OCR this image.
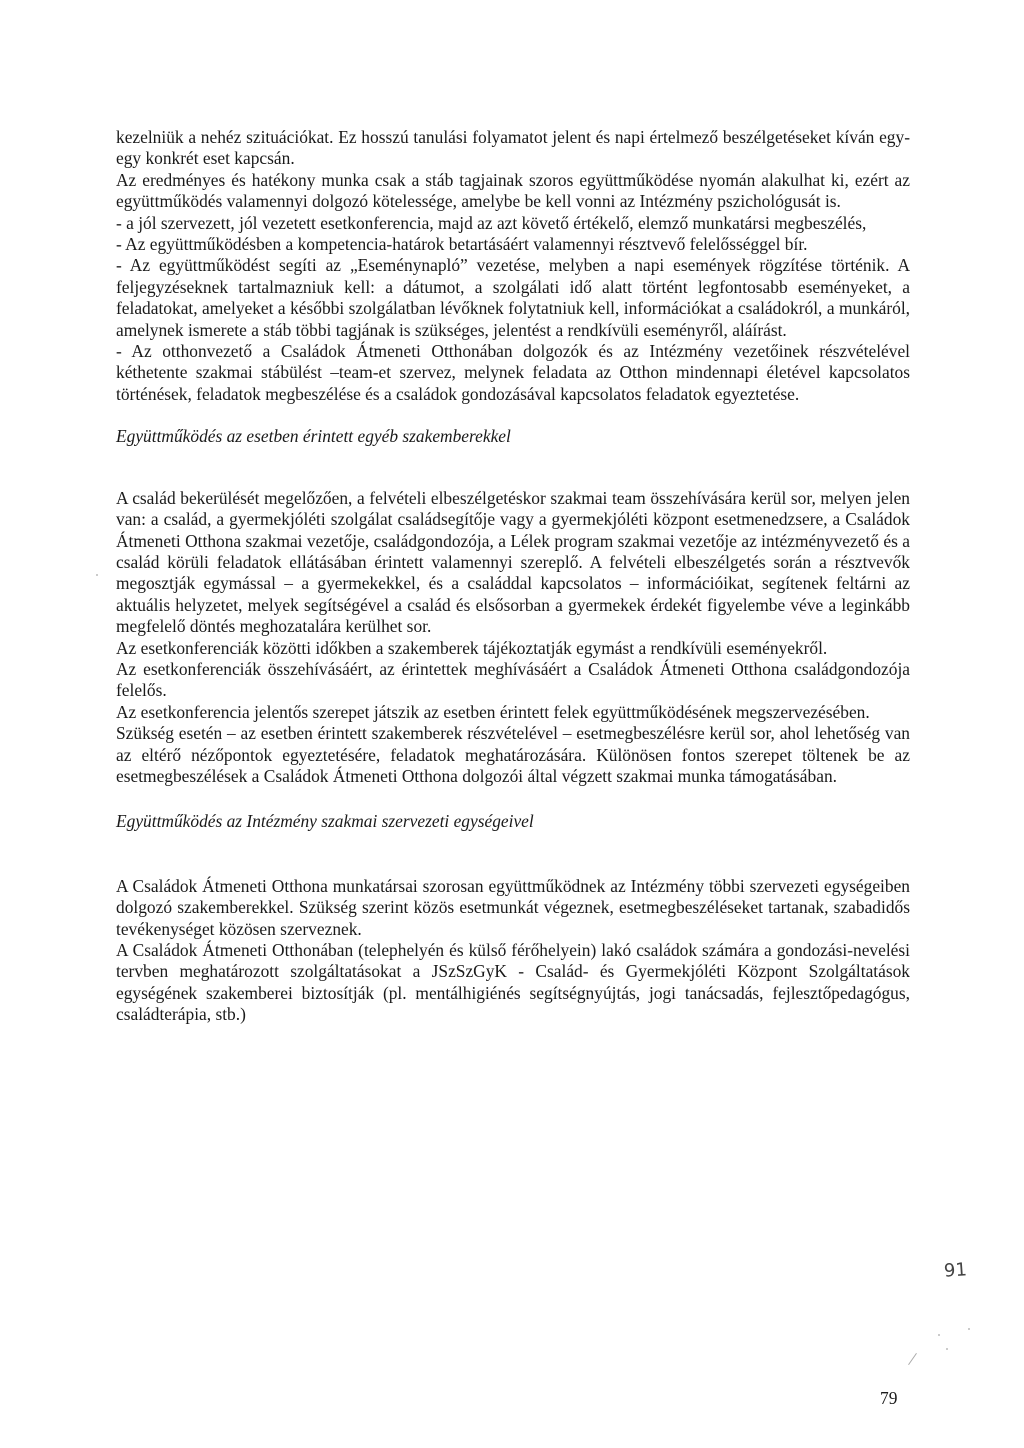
kezelniük a nehéz szituációkat. Ez hosszú tanulási folyamatot jelent és napi értelmező beszélgetéseket kíván egy-egy konkrét eset kapcsán.

Az eredményes és hatékony munka csak a stáb tagjainak szoros együttműködése nyomán alakulhat ki, ezért az együttműködés valamennyi dolgozó kötelessége, amelybe be kell vonni az Intézmény pszichológusát is.

- a jól szervezett, jól vezetett esetkonferencia, majd az azt követő értékelő, elemző munkatársi megbeszélés,

- Az együttműködésben a kompetencia-határok betartásáért valamennyi résztvevő felelősséggel bír.

- Az együttműködést segíti az „Eseménynapló” vezetése, melyben a napi események rögzítése történik. A feljegyzéseknek tartalmazniuk kell: a dátumot, a szolgálati idő alatt történt legfontosabb eseményeket, a feladatokat, amelyeket a későbbi szolgálatban lévőknek folytatniuk kell, információkat a családokról, a munkáról, amelynek ismerete a stáb többi tagjának is szükséges, jelentést a rendkívüli eseményről, aláírást.

- Az otthonvezető a Családok Átmeneti Otthonában dolgozók és az Intézmény vezetőinek részvételével kéthetente szakmai stábülést –team-et szervez, melynek feladata az Otthon mindennapi életével kapcsolatos történések, feladatok megbeszélése és a családok gondozásával kapcsolatos feladatok egyeztetése.

Együttműködés az esetben érintett egyéb szakemberekkel

A család bekerülését megelőzően, a felvételi elbeszélgetéskor szakmai team összehívására kerül sor, melyen jelen van: a család, a gyermekjóléti szolgálat családsegítője vagy a gyermekjóléti központ esetmenedzsere, a Családok Átmeneti Otthona szakmai vezetője, családgondozója, a Lélek program szakmai vezetője az intézményvezető és a család körüli feladatok ellátásában érintett valamennyi szereplő. A felvételi elbeszélgetés során a résztvevők megosztják egymással – a gyermekekkel, és a családdal kapcsolatos – információikat, segítenek feltárni az aktuális helyzetet, melyek segítségével a család és elsősorban a gyermekek érdekét figyelembe véve a leginkább megfelelő döntés meghozatalára kerülhet sor.

Az esetkonferenciák közötti időkben a szakemberek tájékoztatják egymást a rendkívüli eseményekről.

Az esetkonferenciák összehívásáért, az érintettek meghívásáért a Családok Átmeneti Otthona családgondozója felelős.

Az esetkonferencia jelentős szerepet játszik az esetben érintett felek együttműködésének megszervezésében.

Szükség esetén – az esetben érintett szakemberek részvételével – esetmegbeszélésre kerül sor, ahol lehetőség van az eltérő nézőpontok egyeztetésére, feladatok meghatározására. Különösen fontos szerepet töltenek be az esetmegbeszélések a Családok Átmeneti Otthona dolgozói által végzett szakmai munka támogatásában.

Együttműködés az Intézmény szakmai szervezeti egységeivel

A Családok Átmeneti Otthona munkatársai szorosan együttműködnek az Intézmény többi szervezeti egységeiben dolgozó szakemberekkel. Szükség szerint közös esetmunkát végeznek, esetmegbeszéléseket tartanak, szabadidős tevékenységet közösen szerveznek.

A Családok Átmeneti Otthonában (telephelyén és külső férőhelyein) lakó családok számára a gondozási-nevelési tervben meghatározott szolgáltatásokat a JSzSzGyK - Család- és Gyermekjóléti Központ Szolgáltatások egységének szakemberei biztosítják (pl. mentálhigiénés segítségnyújtás, jogi tanácsadás, fejlesztőpedagógus, családterápia, stb.)

91
79
